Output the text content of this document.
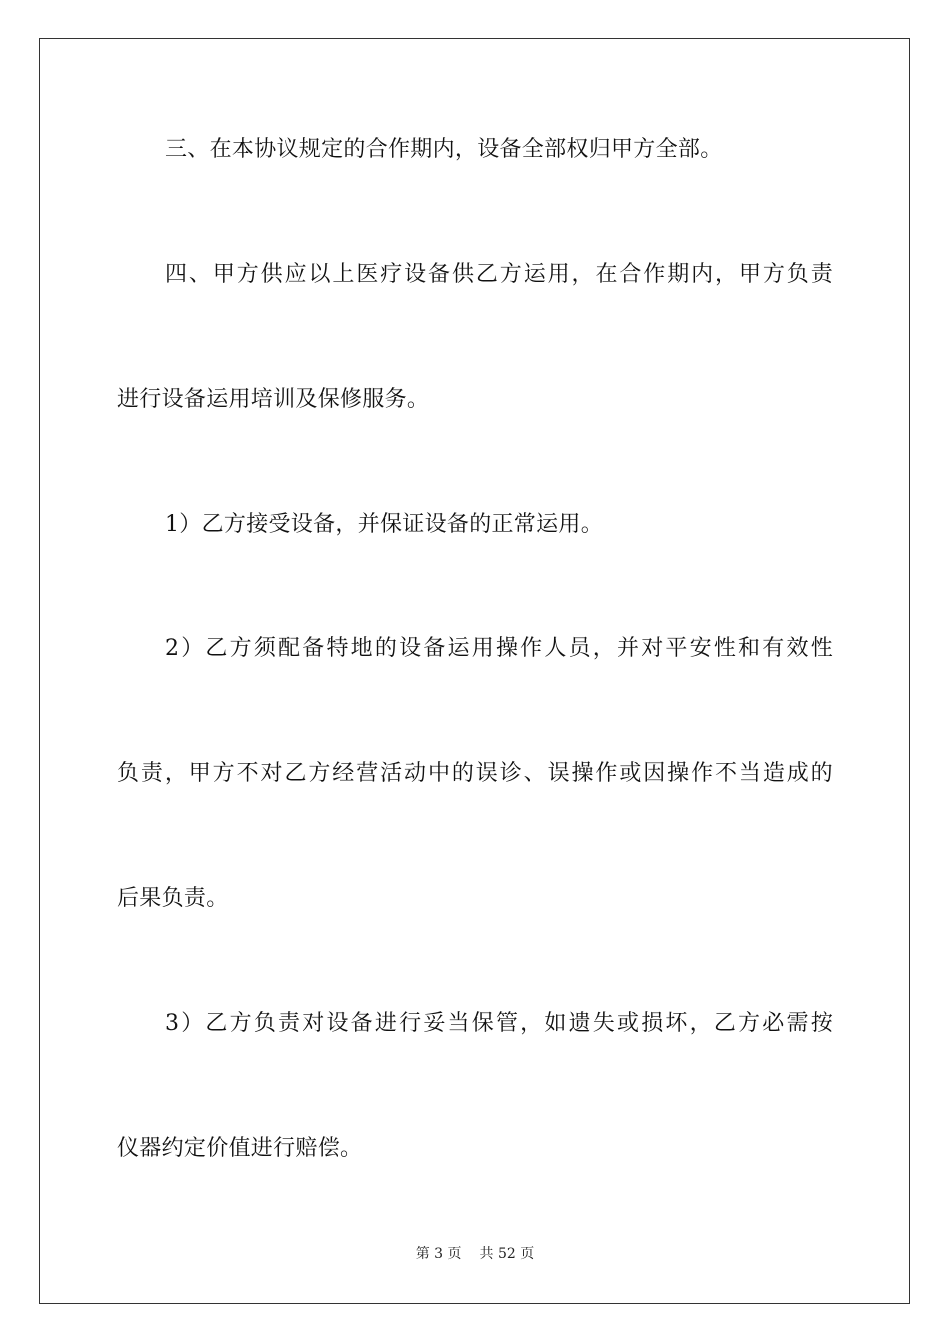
三、在本协议规定的合作期内，设备全部权归甲方全部。
四、甲方供应以上医疗设备供乙方运用，在合作期内，甲方负责
进行设备运用培训及保修服务。
1）乙方接受设备，并保证设备的正常运用。
2）乙方须配备特地的设备运用操作人员，并对平安性和有效性
负责，甲方不对乙方经营活动中的误诊、误操作或因操作不当造成的
后果负责。
3）乙方负责对设备进行妥当保管，如遗失或损坏，乙方必需按
仪器约定价值进行赔偿。
第 3 页 共 52 页
